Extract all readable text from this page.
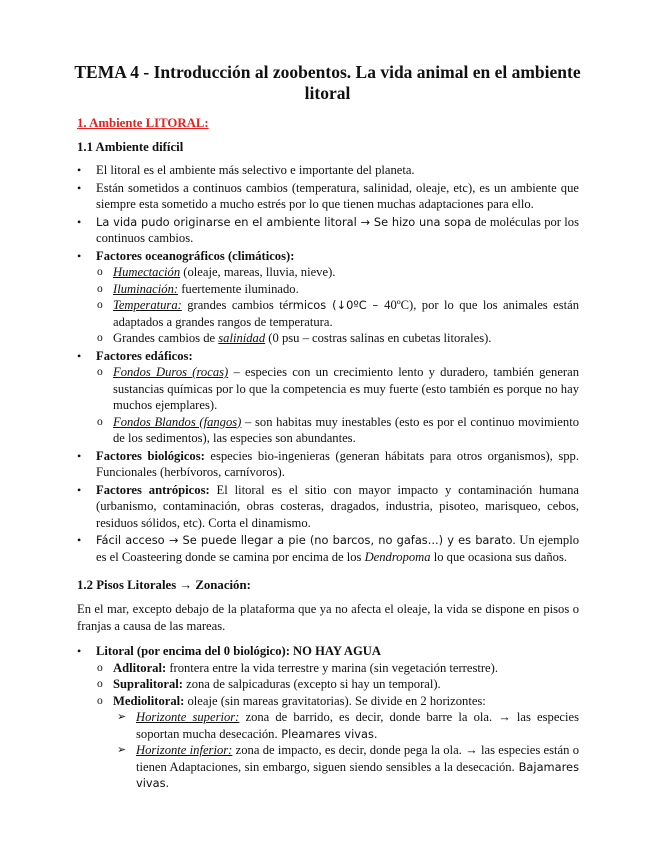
TEMA 4 - Introducción al zoobentos. La vida animal en el ambiente litoral
1. Ambiente LITORAL:
1.1 Ambiente difícil
• El litoral es el ambiente más selectivo e importante del planeta.
• Están sometidos a continuos cambios (temperatura, salinidad, oleaje, etc), es un ambiente que siempre esta sometido a mucho estrés por lo que tienen muchas adaptaciones para ello.
• La vida pudo originarse en el ambiente litoral → Se hizo una sopa de moléculas por los continuos cambios.
• Factores oceanográficos (climáticos):
o Humectación (oleaje, mareas, lluvia, nieve).
o Iluminación: fuertemente iluminado.
o Temperatura: grandes cambios térmicos (↓0ºC – 40ºC), por lo que los animales están adaptados a grandes rangos de temperatura.
o Grandes cambios de salinidad (0 psu – costras salinas en cubetas litorales).
• Factores edáficos:
o Fondos Duros (rocas) – especies con un crecimiento lento y duradero, también generan sustancias químicas por lo que la competencia es muy fuerte (esto también es porque no hay muchos ejemplares).
o Fondos Blandos (fangos) – son habitas muy inestables (esto es por el continuo movimiento de los sedimentos), las especies son abundantes.
• Factores biológicos: especies bio-ingenieras (generan hábitats para otros organismos), spp. Funcionales (herbívoros, carnívoros).
• Factores antrópicos: El litoral es el sitio con mayor impacto y contaminación humana (urbanismo, contaminación, obras costeras, dragados, industria, pisoteo, marisqueo, cebos, residuos sólidos, etc). Corta el dinamismo.
• Fácil acceso → Se puede llegar a pie (no barcos, no gafas...) y es barato. Un ejemplo es el Coasteering donde se camina por encima de los Dendropoma lo que ocasiona sus daños.
1.2 Pisos Litorales → Zonación:
En el mar, excepto debajo de la plataforma que ya no afecta el oleaje, la vida se dispone en pisos o franjas a causa de las mareas.
• Litoral (por encima del 0 biológico): NO HAY AGUA
o Adlitoral: frontera entre la vida terrestre y marina (sin vegetación terrestre).
o Supralitoral: zona de salpicaduras (excepto si hay un temporal).
o Mediolitoral: oleaje (sin mareas gravitatorias). Se divide en 2 horizontes:
➢ Horizonte superior: zona de barrido, es decir, donde barre la ola. → las especies soportan mucha desecación. Pleamares vivas.
➢ Horizonte inferior: zona de impacto, es decir, donde pega la ola. → las especies están o tienen Adaptaciones, sin embargo, siguen siendo sensibles a la desecación. Bajamares vivas.
